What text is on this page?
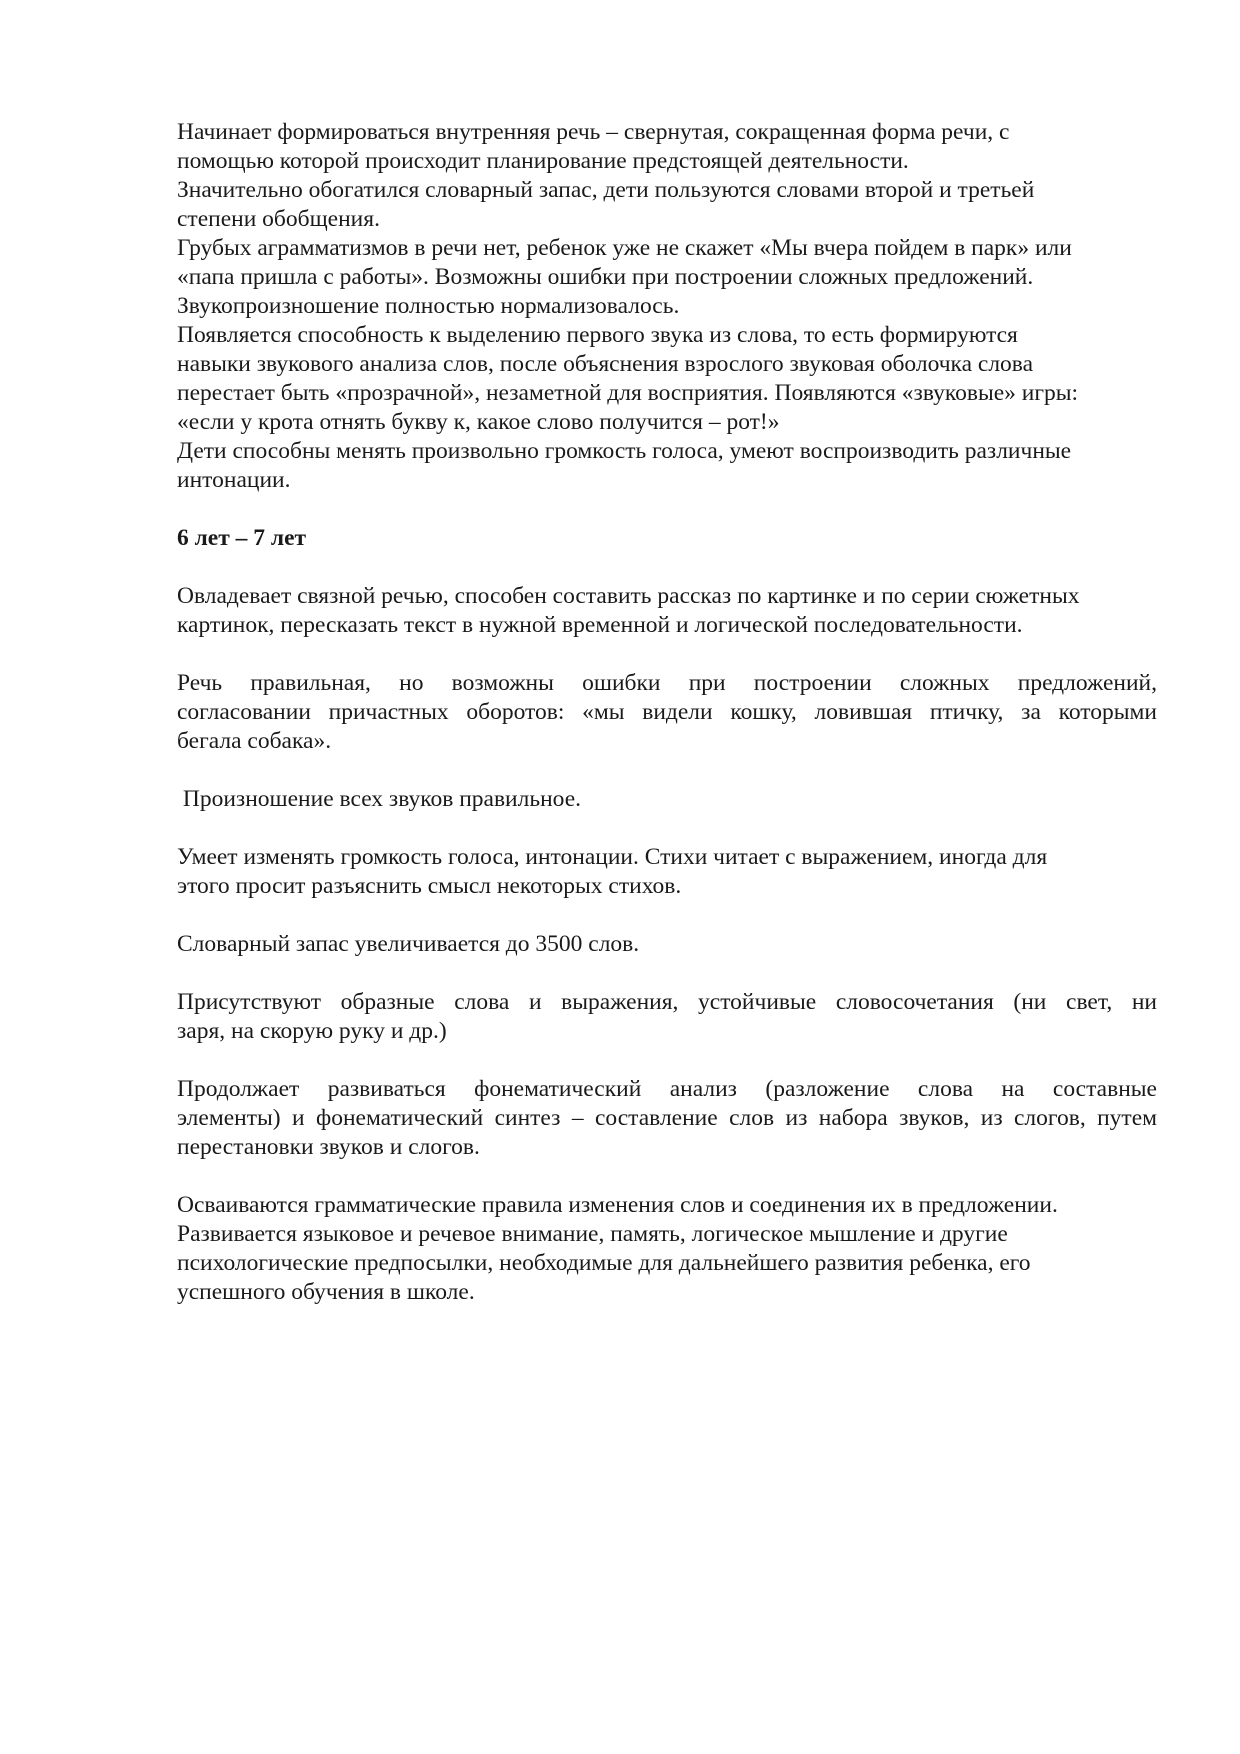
Начинает формироваться внутренняя речь – свернутая, сокращенная форма речи, с
помощью которой происходит планирование предстоящей деятельности.
Значительно обогатился словарный запас, дети пользуются словами второй и третьей
степени обобщения.
Грубых аграмматизмов в речи нет, ребенок уже не скажет «Мы вчера пойдем в парк» или
«папа пришла с работы». Возможны ошибки при построении сложных предложений.
Звукопроизношение полностью нормализовалось.
Появляется способность к выделению первого звука из слова, то есть формируются
навыки звукового анализа слов, после объяснения взрослого звуковая оболочка слова
перестает быть «прозрачной», незаметной для восприятия. Появляются «звуковые» игры:
«если у крота отнять букву к, какое слово получится – рот!»
Дети способны менять произвольно громкость голоса, умеют воспроизводить различные
интонации.
6 лет – 7 лет
Овладевает связной речью, способен составить рассказ по картинке и по серии сюжетных
картинок, пересказать текст в нужной временной и логической последовательности.
Речь правильная, но возможны ошибки при построении сложных предложений,
согласовании причастных оборотов: «мы видели кошку, ловившая птичку, за которыми
бегала собака».
Произношение всех звуков правильное.
Умеет изменять громкость голоса, интонации. Стихи читает с выражением, иногда для
этого просит разъяснить смысл некоторых стихов.
Словарный запас увеличивается до 3500 слов.
Присутствуют образные слова и выражения, устойчивые словосочетания (ни свет, ни
заря, на скорую руку и др.)
Продолжает развиваться фонематический анализ (разложение слова на составные
элементы) и фонематический синтез – составление слов из набора звуков, из слогов, путем
перестановки звуков и слогов.
Осваиваются грамматические правила изменения слов и соединения их в предложении.
Развивается языковое и речевое внимание, память, логическое мышление и другие
психологические предпосылки, необходимые для дальнейшего развития ребенка, его
успешного обучения в школе.
